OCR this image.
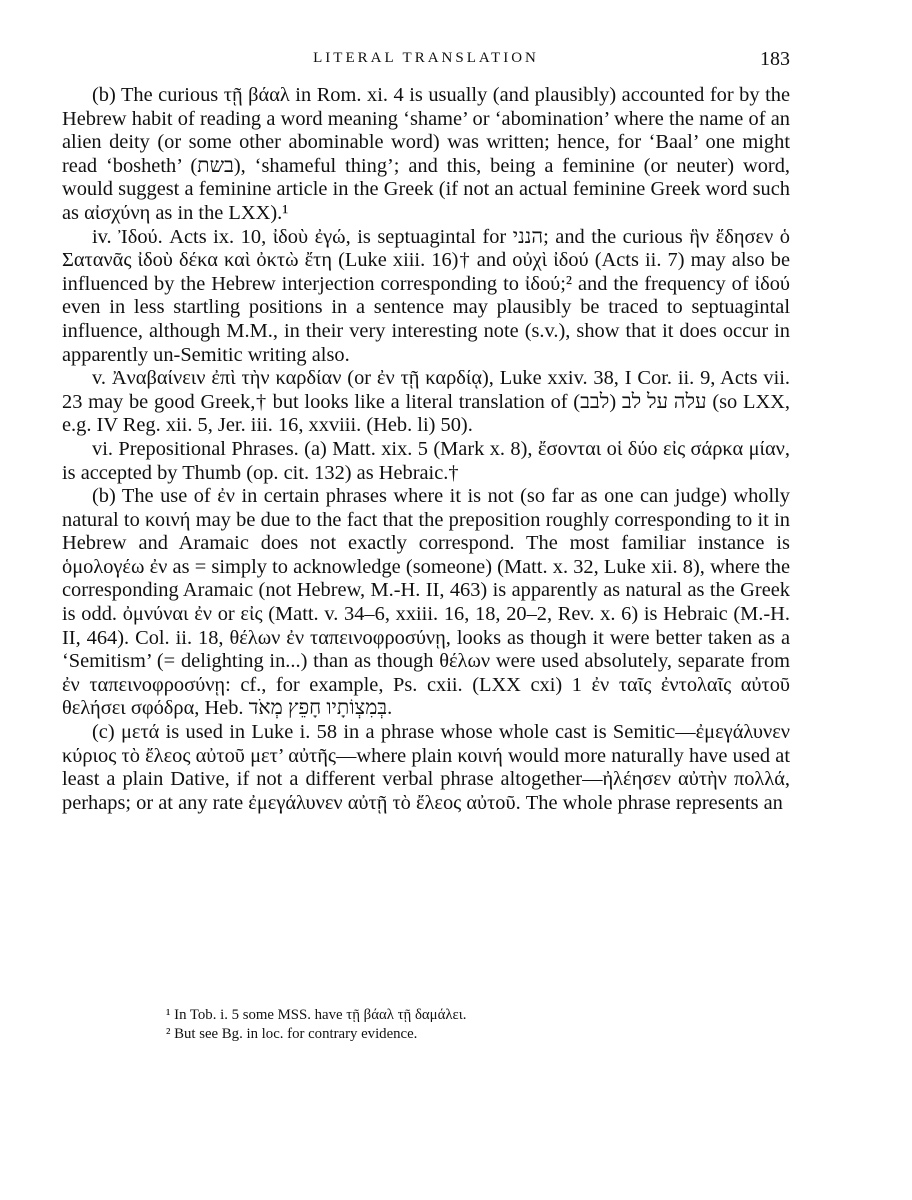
LITERAL TRANSLATION	183

(b) The curious τῇ βάαλ in Rom. xi. 4 is usually (and plausibly) accounted for by the Hebrew habit of reading a word meaning ‘shame’ or ‘abomination’ where the name of an alien deity (or some other abominable word) was written; hence, for ‘Baal’ one might read ‘bosheth’ (בשת), ‘shameful thing’; and this, being a feminine (or neuter) word, would suggest a feminine article in the Greek (if not an actual feminine Greek word such as αἰσχύνη as in the LXX).¹

iv. Ἰδού. Acts ix. 10, ἰδοὺ ἐγώ, is septuagintal for הנני; and the curious ἣν ἔδησεν ὁ Σατανᾶς ἰδοὺ δέκα καὶ ὀκτὼ ἔτη (Luke xiii. 16)† and οὐχὶ ἰδού (Acts ii. 7) may also be influenced by the Hebrew interjection corresponding to ἰδού;² and the frequency of ἰδού even in less startling positions in a sentence may plausibly be traced to septuagintal influence, although M.M., in their very interesting note (s.v.), show that it does occur in apparently un-Semitic writing also.

v. Ἀναβαίνειν ἐπὶ τὴν καρδίαν (or ἐν τῇ καρδίᾳ), Luke xxiv. 38, I Cor. ii. 9, Acts vii. 23 may be good Greek,† but looks like a literal translation of (לבב) עלה על לב (so LXX, e.g. IV Reg. xii. 5, Jer. iii. 16, xxviii. (Heb. li) 50).

vi. Prepositional Phrases. (a) Matt. xix. 5 (Mark x. 8), ἔσονται οἱ δύο εἰς σάρκα μίαν, is accepted by Thumb (op. cit. 132) as Hebraic.†

(b) The use of ἐν in certain phrases where it is not (so far as one can judge) wholly natural to κοινή may be due to the fact that the preposition roughly corresponding to it in Hebrew and Aramaic does not exactly correspond. The most familiar instance is ὁμολογέω ἐν as = simply to acknowledge (someone) (Matt. x. 32, Luke xii. 8), where the corresponding Aramaic (not Hebrew, M.-H. II, 463) is apparently as natural as the Greek is odd. ὀμνύναι ἐν or εἰς (Matt. v. 34–6, xxiii. 16, 18, 20–2, Rev. x. 6) is Hebraic (M.-H. II, 464). Col. ii. 18, θέλων ἐν ταπεινοφροσύνῃ, looks as though it were better taken as a ‘Semitism’ (= delighting in...) than as though θέλων were used absolutely, separate from ἐν ταπεινοφροσύνῃ: cf., for example, Ps. cxii. (LXX cxi) 1 ἐν ταῖς ἐντολαῖς αὐτοῦ θελήσει σφόδρα, Heb. בְּמִצְוֹתָיו חָפֵץ מְאֹד.

(c) μετά is used in Luke i. 58 in a phrase whose whole cast is Semitic—ἐμεγάλυνεν κύριος τὸ ἔλεος αὐτοῦ μετ’ αὐτῆς—where plain κοινή would more naturally have used at least a plain Dative, if not a different verbal phrase altogether—ἠλέησεν αὐτὴν πολλά, perhaps; or at any rate ἐμεγάλυνεν αὐτῇ τὸ ἔλεος αὐτοῦ. The whole phrase represents an

¹ In Tob. i. 5 some MSS. have τῇ βάαλ τῇ δαμάλει.

² But see Bg. in loc. for contrary evidence.
